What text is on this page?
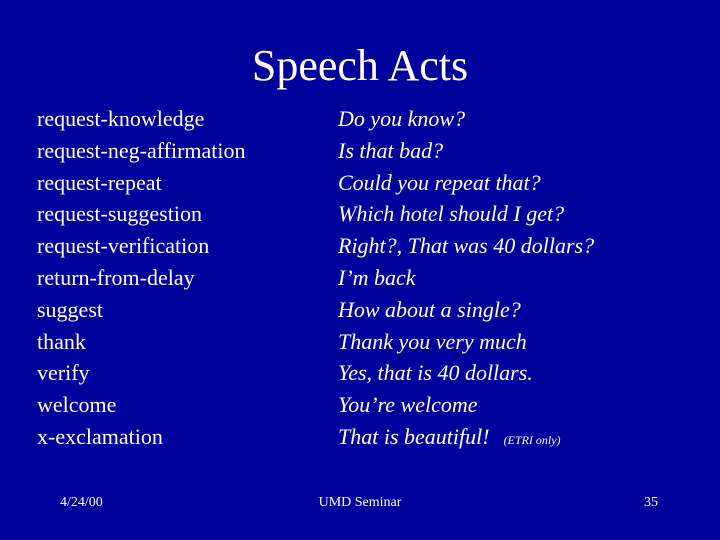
Speech Acts
request-knowledge
request-neg-affirmation
request-repeat
request-suggestion
request-verification
return-from-delay
suggest
thank
verify
welcome
x-exclamation
Do you know?
Is that bad?
Could you repeat that?
Which hotel should I get?
Right?, That was 40 dollars?
I’m back
How about a single?
Thank you very much
Yes, that is 40 dollars.
You’re welcome
That is beautiful! (ETRI only)
4/24/00	UMD Seminar	35
